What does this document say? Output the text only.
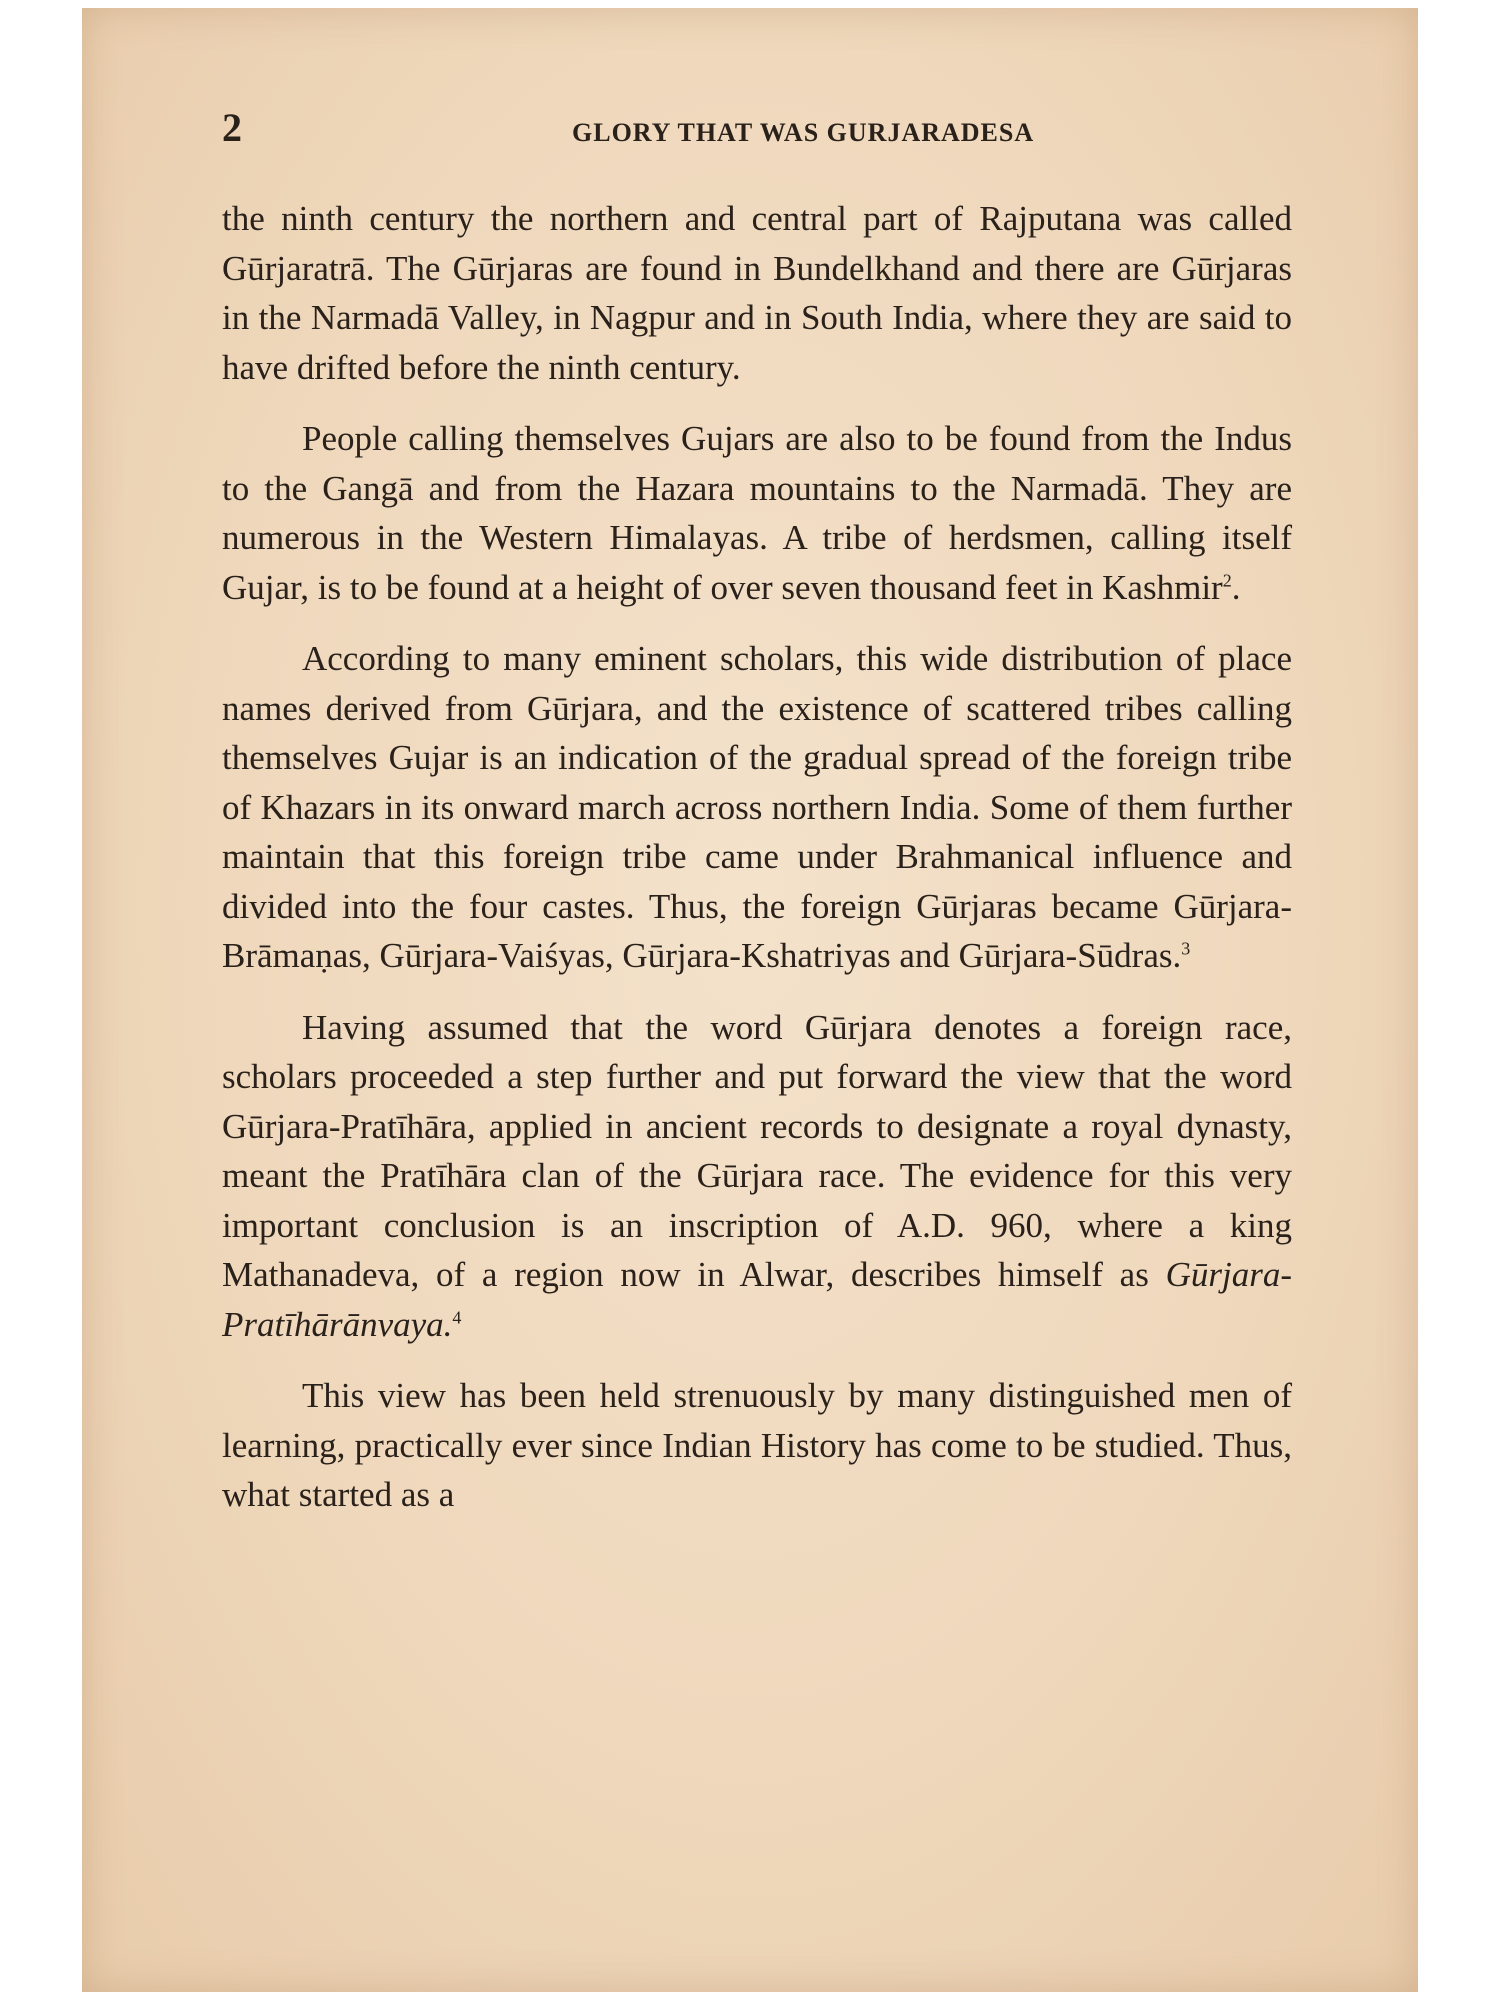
2	GLORY THAT WAS GURJARADESA

the ninth century the northern and central part of Rajputana was called Gūrjaratrā. The Gūrjaras are found in Bundelkhand and there are Gūrjaras in the Narmadā Valley, in Nagpur and in South India, where they are said to have drifted before the ninth century.

People calling themselves Gujars are also to be found from the Indus to the Gangā and from the Hazara mountains to the Narmadā. They are numerous in the Western Himalayas. A tribe of herdsmen, calling itself Gujar, is to be found at a height of over seven thousand feet in Kashmir$^2$.

According to many eminent scholars, this wide distribution of place names derived from Gūrjara, and the existence of scattered tribes calling themselves Gujar is an indication of the gradual spread of the foreign tribe of Khazars in its onward march across northern India. Some of them further maintain that this foreign tribe came under Brahmanical influence and divided into the four castes. Thus, the foreign Gūrjaras became Gūrjara-Brāmaṇas, Gūrjara-Vaiśyas, Gūrjara-Kshatriyas and Gūrjara-Sūdras.$^3$

Having assumed that the word Gūrjara denotes a foreign race, scholars proceeded a step further and put forward the view that the word Gūrjara-Pratīhāra, applied in ancient records to designate a royal dynasty, meant the Pratīhāra clan of the Gūrjara race. The evidence for this very important conclusion is an inscription of A.D. 960, where a king Mathanadeva, of a region now in Alwar, describes himself as Gūrjara-Pratīhārānvaya.$^4$

This view has been held strenuously by many distinguished men of learning, practically ever since Indian History has come to be studied. Thus, what started as a
